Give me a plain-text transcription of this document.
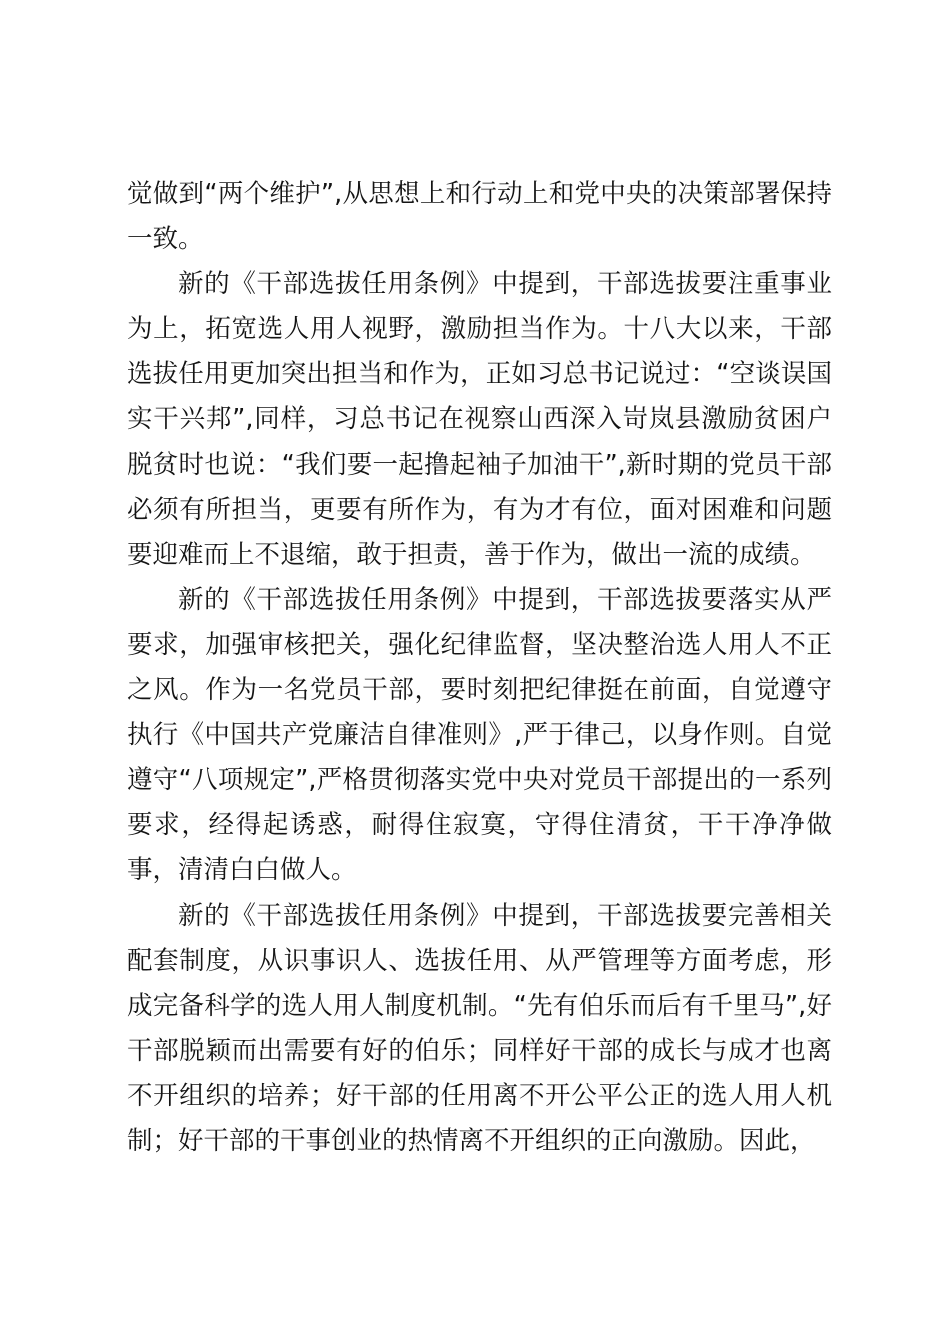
觉做到“两个维护”,从思想上和行动上和党中央的决策部署保持一致。

新的《干部选拔任用条例》中提到，干部选拔要注重事业为上，拓宽选人用人视野，激励担当作为。十八大以来，干部选拔任用更加突出担当和作为，正如习总书记说过：“空谈误国实干兴邦”,同样，习总书记在视察山西深入岢岚县激励贫困户脱贫时也说：“我们要一起撸起袖子加油干”,新时期的党员干部必须有所担当，更要有所作为，有为才有位，面对困难和问题要迎难而上不退缩，敢于担责，善于作为，做出一流的成绩。

新的《干部选拔任用条例》中提到，干部选拔要落实从严要求，加强审核把关，强化纪律监督，坚决整治选人用人不正之风。作为一名党员干部，要时刻把纪律挺在前面，自觉遵守执行《中国共产党廉洁自律准则》,严于律己，以身作则。自觉遵守“八项规定”,严格贯彻落实党中央对党员干部提出的一系列要求，经得起诱惑，耐得住寂寞，守得住清贫，干干净净做事，清清白白做人。

新的《干部选拔任用条例》中提到，干部选拔要完善相关配套制度，从识事识人、选拔任用、从严管理等方面考虑，形成完备科学的选人用人制度机制。“先有伯乐而后有千里马”,好干部脱颖而出需要有好的伯乐；同样好干部的成长与成才也离不开组织的培养；好干部的任用离不开公平公正的选人用人机制；好干部的干事创业的热情离不开组织的正向激励。因此，
